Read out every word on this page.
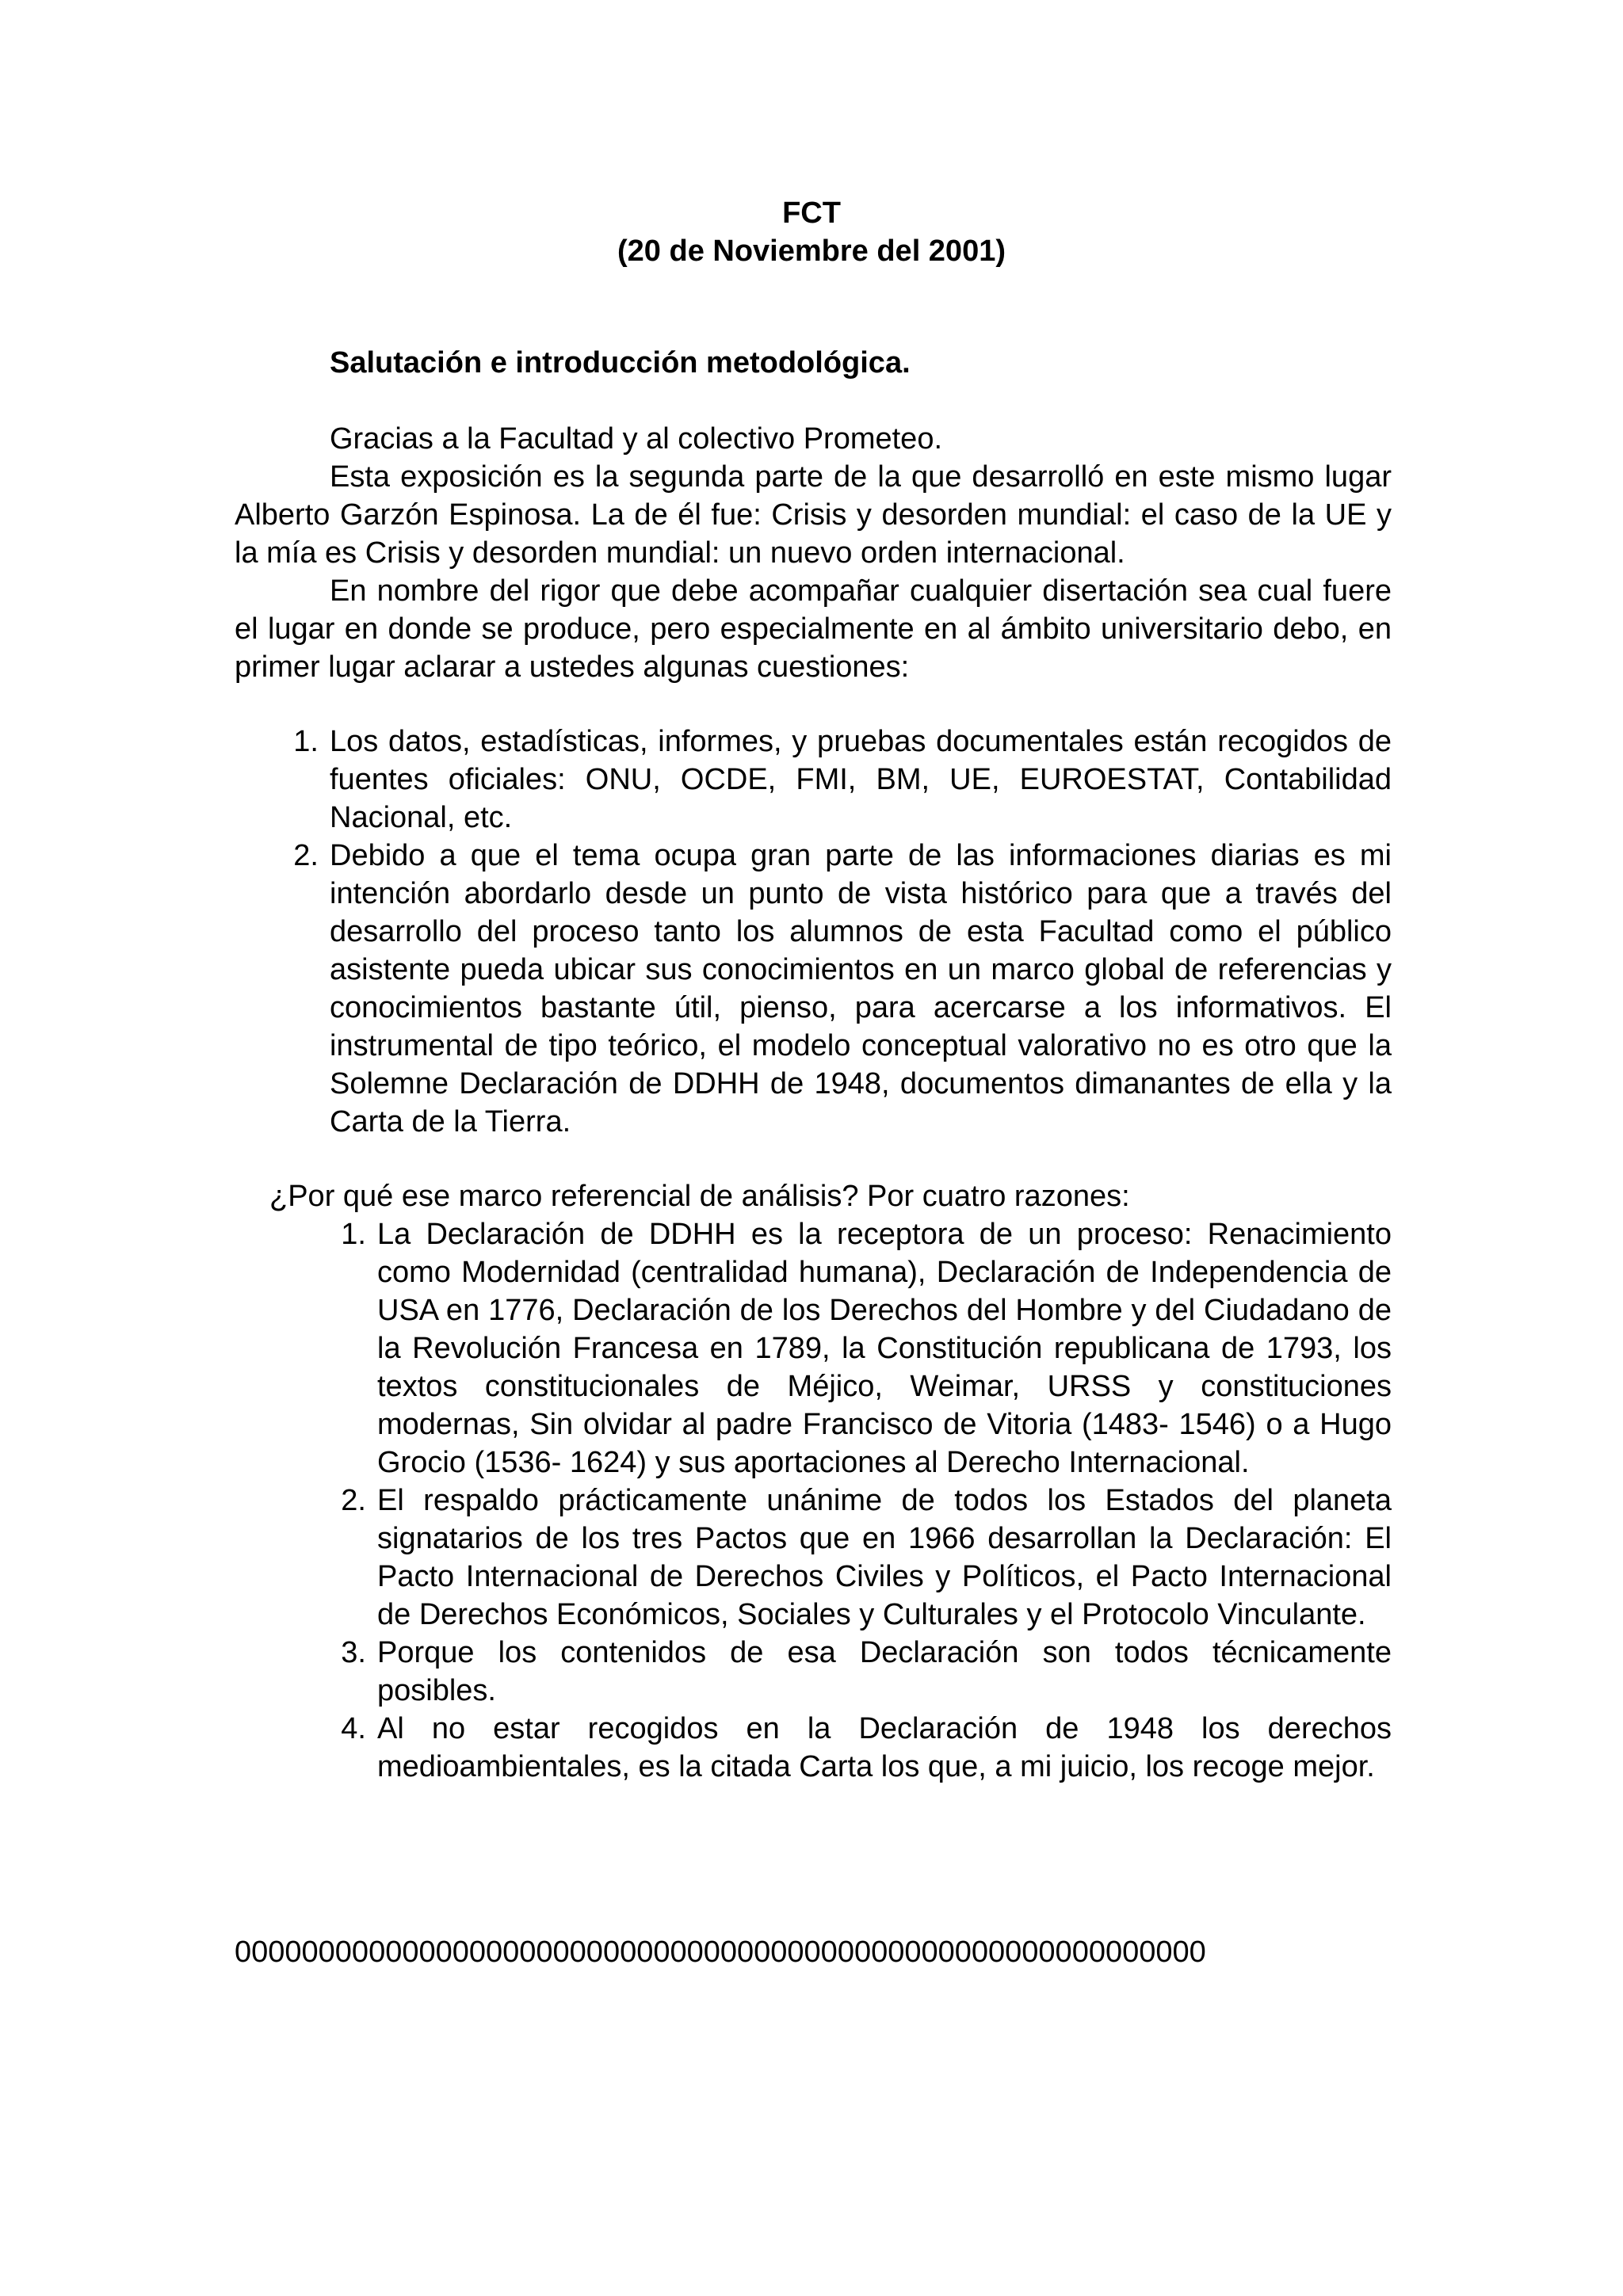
FCT
(20 de Noviembre del 2001)
Salutación e introducción metodológica.
Gracias a la Facultad y al colectivo Prometeo.
Esta exposición es la segunda parte de la que desarrolló en este mismo lugar Alberto Garzón Espinosa. La de él fue: Crisis y desorden mundial: el caso de la UE y la mía es Crisis y desorden mundial: un nuevo orden internacional.
En nombre del rigor que debe acompañar cualquier disertación sea cual fuere el lugar en donde se produce, pero especialmente en al ámbito universitario debo, en primer lugar aclarar a ustedes algunas cuestiones:
1. Los datos, estadísticas, informes, y pruebas documentales están recogidos de fuentes oficiales: ONU, OCDE, FMI, BM, UE, EUROESTAT, Contabilidad Nacional, etc.
2. Debido a que el tema ocupa gran parte de las informaciones diarias es mi intención abordarlo desde un punto de vista histórico para que a través del desarrollo del proceso tanto los alumnos de esta Facultad como el público asistente pueda ubicar sus conocimientos en un marco global de referencias y conocimientos bastante útil, pienso, para acercarse a los informativos. El instrumental de tipo teórico, el modelo conceptual valorativo no es otro que la Solemne Declaración de DDHH de 1948, documentos dimanantes de ella y la Carta de la Tierra.
¿Por qué ese marco referencial de análisis? Por cuatro razones:
1. La Declaración de DDHH es la receptora de un proceso: Renacimiento como Modernidad (centralidad humana), Declaración de Independencia de USA en 1776, Declaración de los Derechos del Hombre y del Ciudadano de la Revolución Francesa en 1789, la Constitución republicana de 1793, los textos constitucionales de Méjico, Weimar, URSS y constituciones modernas, Sin olvidar al padre Francisco de Vitoria (1483- 1546) o a Hugo Grocio (1536- 1624) y sus aportaciones al Derecho Internacional.
2. El respaldo prácticamente unánime de todos los Estados del planeta signatarios de los tres Pactos que en 1966 desarrollan la Declaración: El Pacto Internacional de Derechos Civiles y Políticos, el Pacto Internacional de Derechos Económicos, Sociales y Culturales y el Protocolo Vinculante.
3. Porque los contenidos de esa Declaración son todos técnicamente posibles.
4. Al no estar recogidos en la Declaración de 1948 los derechos medioambientales, es la citada Carta los que, a mi juicio, los recoge mejor.
0000000000000000000000000000000000000000000000000000000000
